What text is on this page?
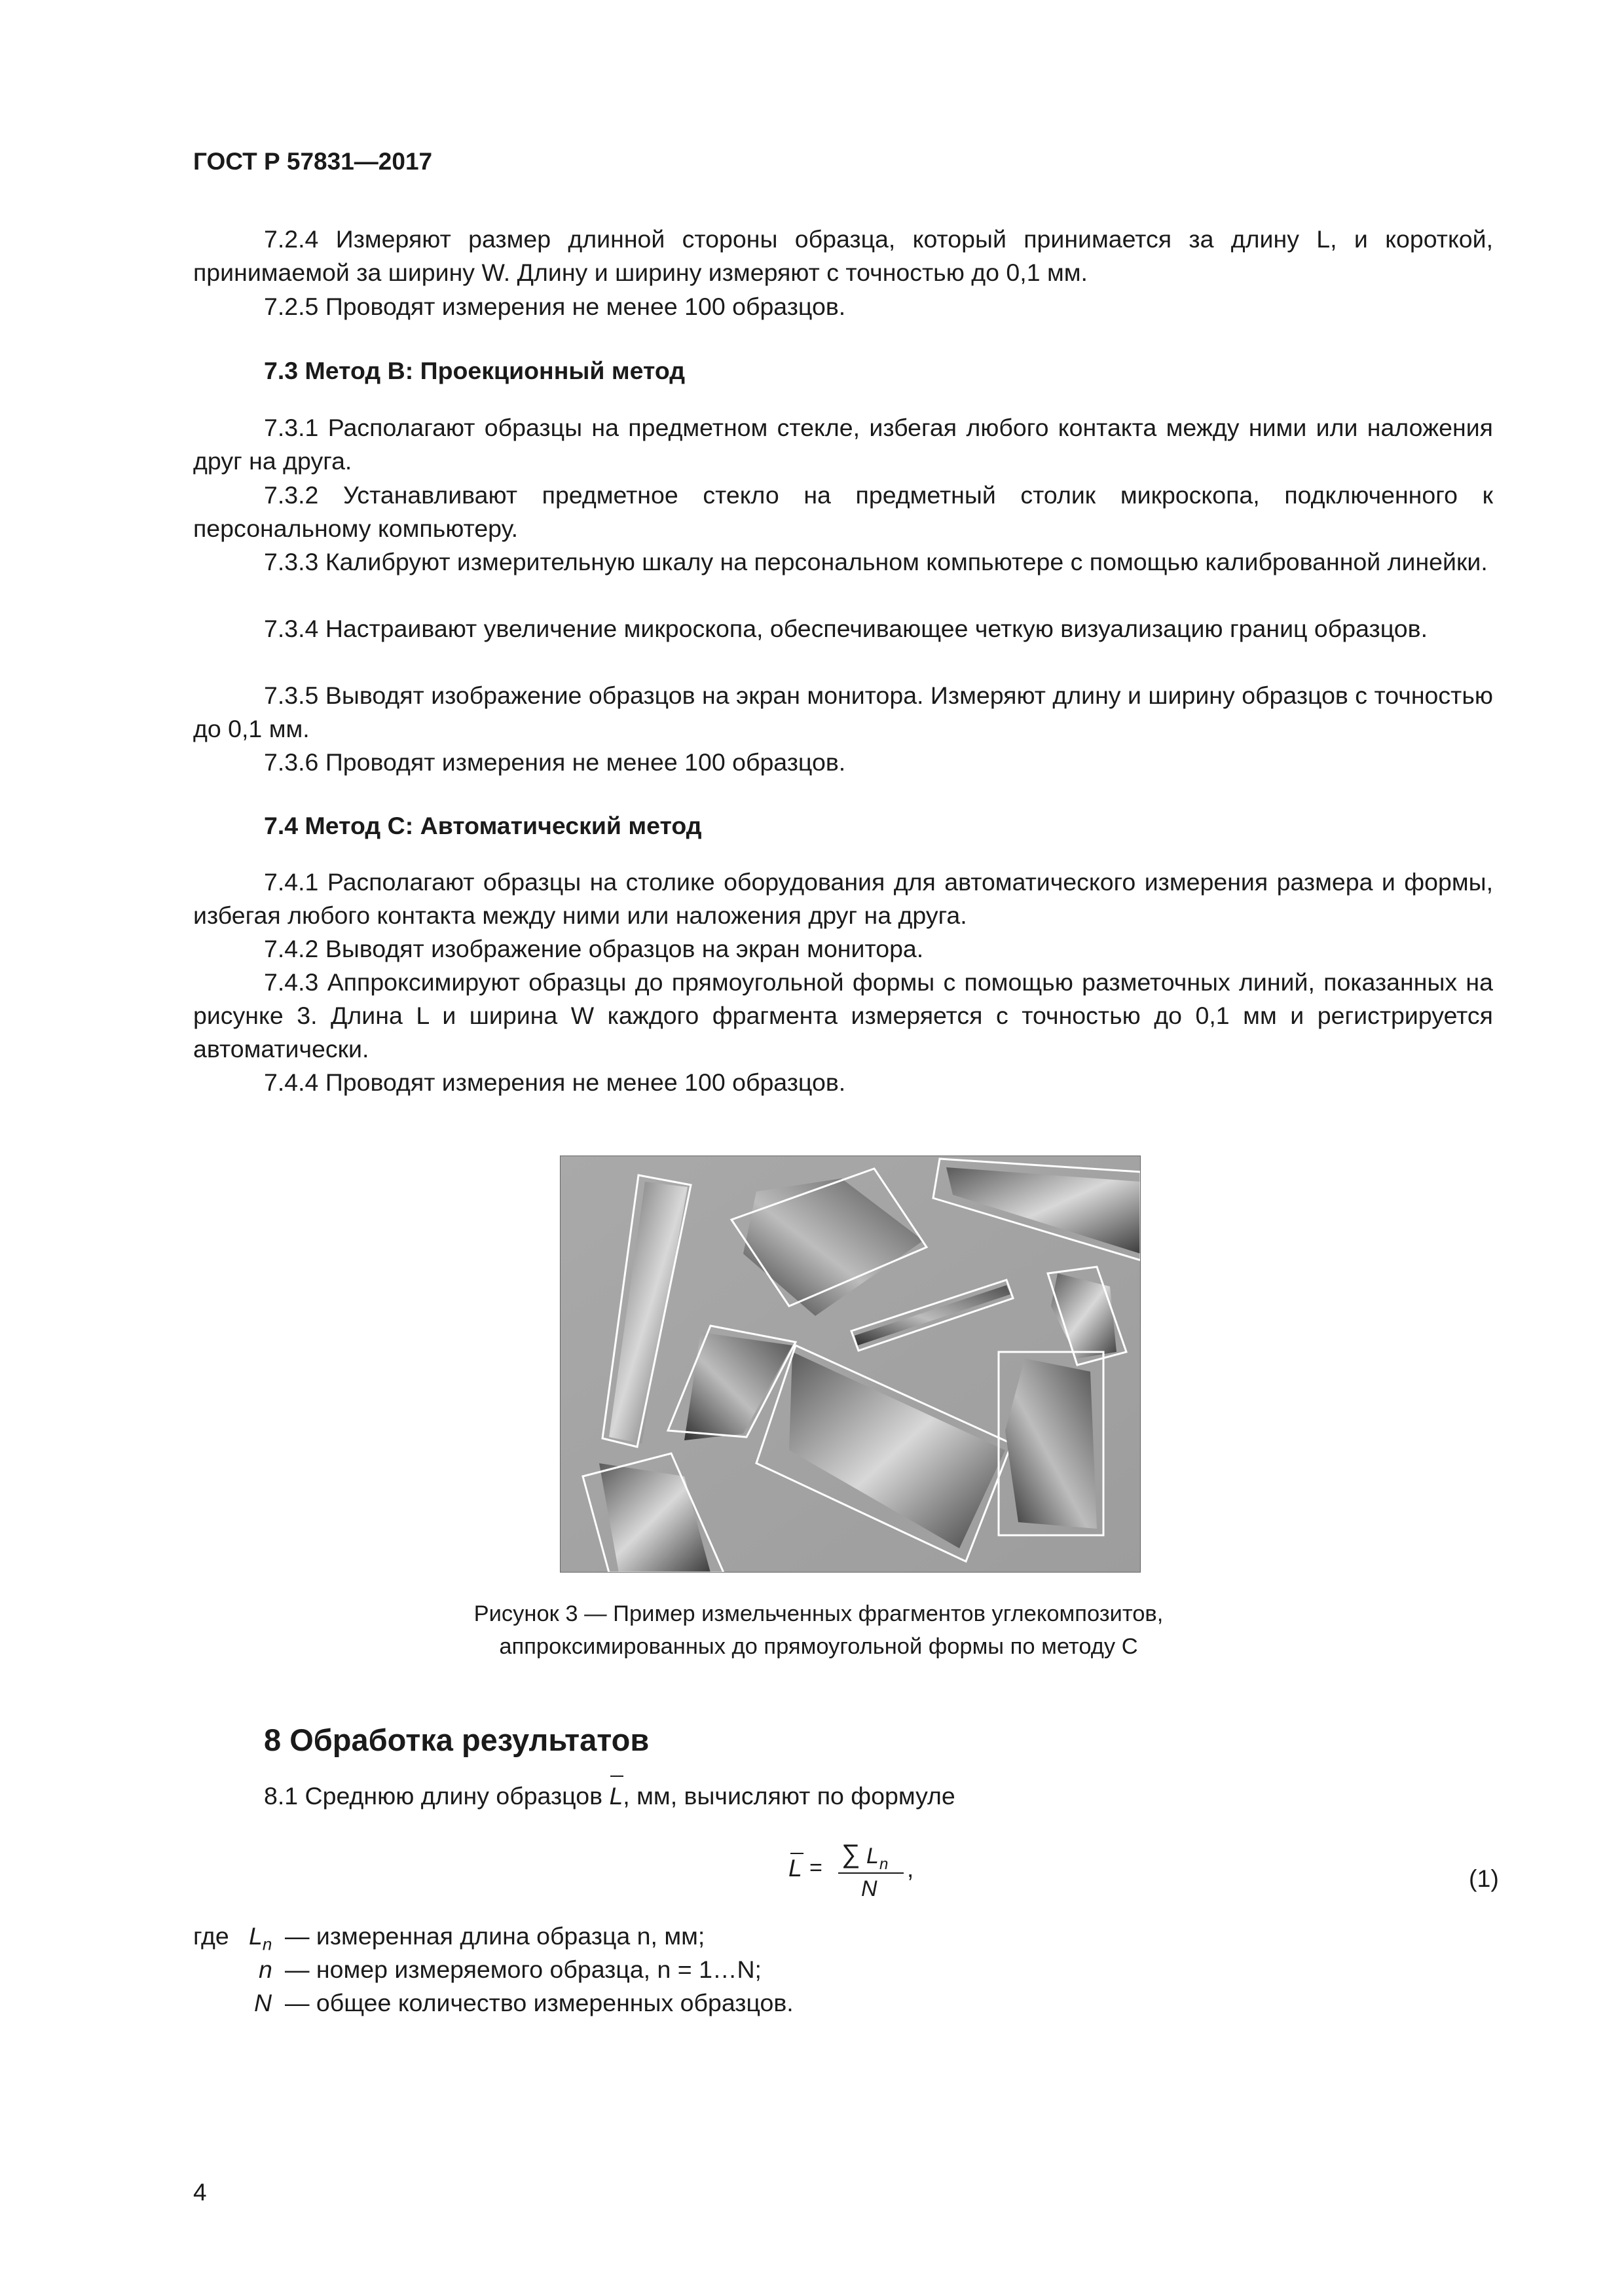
ГОСТ Р 57831—2017

7.2.4 Измеряют размер длинной стороны образца, который принимается за длину L, и короткой, принимаемой за ширину W. Длину и ширину измеряют с точностью до 0,1 мм.

7.2.5 Проводят измерения не менее 100 образцов.

7.3 Метод В: Проекционный метод

7.3.1 Располагают образцы на предметном стекле, избегая любого контакта между ними или наложения друг на друга.

7.3.2 Устанавливают предметное стекло на предметный столик микроскопа, подключенного к персональному компьютеру.

7.3.3 Калибруют измерительную шкалу на персональном компьютере с помощью калиброванной линейки.

7.3.4 Настраивают увеличение микроскопа, обеспечивающее четкую визуализацию границ образцов.

7.3.5 Выводят изображение образцов на экран монитора. Измеряют длину и ширину образцов с точностью до 0,1 мм.

7.3.6 Проводят измерения не менее 100 образцов.

7.4 Метод С: Автоматический метод

7.4.1 Располагают образцы на столике оборудования для автоматического измерения размера и формы, избегая любого контакта между ними или наложения друг на друга.

7.4.2 Выводят изображение образцов на экран монитора.

7.4.3 Аппроксимируют образцы до прямоугольной формы с помощью разметочных линий, показанных на рисунке 3. Длина L и ширина W каждого фрагмента измеряется с точностью до 0,1 мм и регистрируется автоматически.

7.4.4 Проводят измерения не менее 100 образцов.

Рисунок 3 — Пример измельченных фрагментов углекомпозитов,

аппроксимированных до прямоугольной формы по методу С

8 Обработка результатов

8.1 Среднюю длину образцов
L, мм, вычисляют по формуле

L = ∑ L n
N
,	(1)
где $L_n$ — измеренная длина образца n, мм;
n — номер измеряемого образца, n = 1…N;
N — общее количество измеренных образцов.
4
